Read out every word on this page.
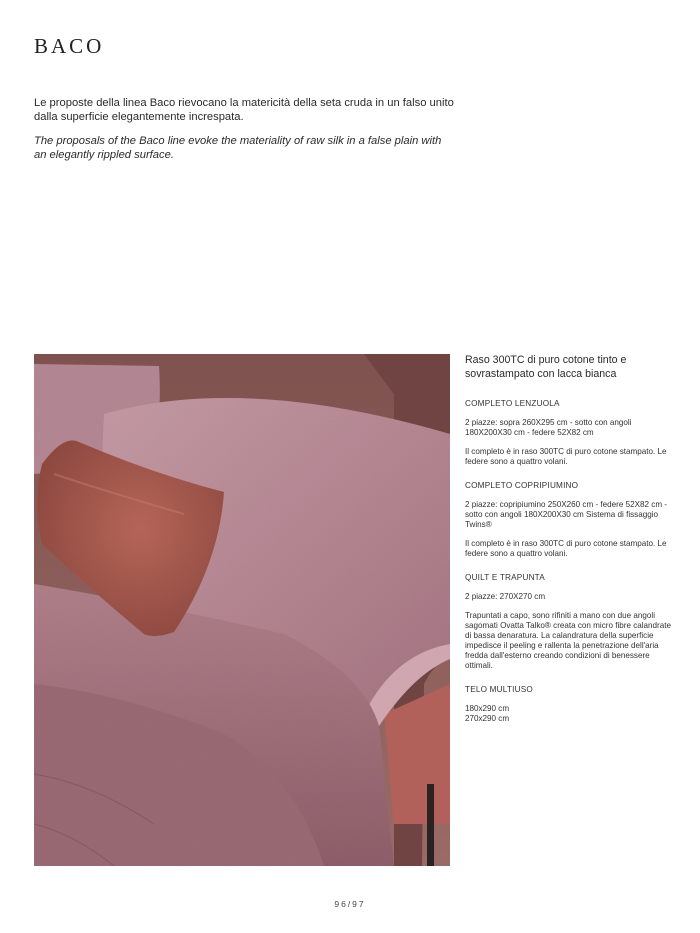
BACO

Le proposte della linea Baco rievocano la matericità della seta cruda in un falso unito dalla superficie elegantemente increspata.

The proposals of the Baco line evoke the materiality of raw silk in a false plain with an elegantly rippled surface.

Raso 300TC di puro cotone tinto e sovrastampato con lacca bianca
COMPLETO LENZUOLA
2 piazze: sopra 260X295 cm - sotto con angoli 180X200X30 cm - federe 52X82 cm
Il completo è in raso 300TC di puro cotone stampato. Le federe sono a quattro volani.
COMPLETO COPRIPIUMINO
2 piazze: copripiumino 250X260 cm - federe 52X82 cm - sotto con angoli 180X200X30 cm Sistema di fissaggio Twins®
Il completo è in raso 300TC di puro cotone stampato. Le federe sono a quattro volani.
QUILT E TRAPUNTA
2 piazze: 270X270 cm
Trapuntati a capo, sono rifiniti a mano con due angoli sagomati Ovatta Talko® creata con micro fibre calandrate di bassa denaratura. La calandratura della superficie impedisce il peeling e rallenta la penetrazione dell'aria fredda dall'esterno creando condizioni di benessere ottimali.
TELO MULTIUSO
180x290 cm
270x290 cm
96/97
